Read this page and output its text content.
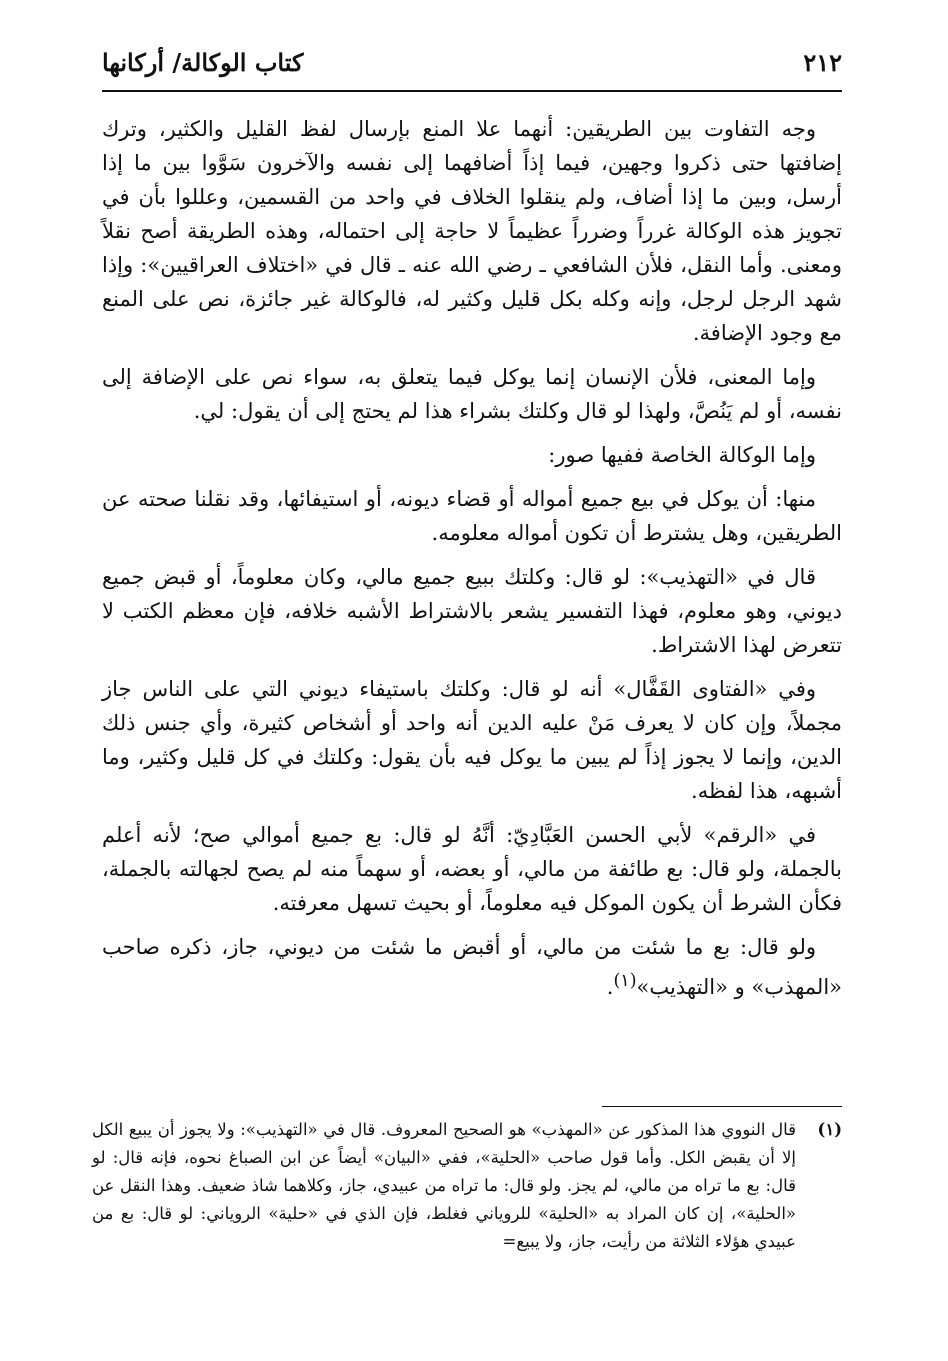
٢١٢
كتاب الوكالة/ أركانها

وجه التفاوت بين الطريقين: أنهما علا المنع بإرسال لفظ القليل والكثير، وترك إضافتها حتى ذكروا وجهين، فيما إذاً أضافهما إلى نفسه والآخرون سَوَّوا بين ما إذا أرسل، وبين ما إذا أضاف، ولم ينقلوا الخلاف في واحد من القسمين، وعللوا بأن في تجويز هذه الوكالة غرراً وضرراً عظيماً لا حاجة إلى احتماله، وهذه الطريقة أصح نقلاً ومعنى. وأما النقل، فلأن الشافعي ـ رضي الله عنه ـ قال في «اختلاف العراقيين»: وإذا شهد الرجل لرجل، وإنه وكله بكل قليل وكثير له، فالوكالة غير جائزة، نص على المنع مع وجود الإضافة.

وإما المعنى، فلأن الإنسان إنما يوكل فيما يتعلق به، سواء نص على الإضافة إلى نفسه، أو لم يَنُصَّ، ولهذا لو قال وكلتك بشراء هذا لم يحتج إلى أن يقول: لي.

وإما الوكالة الخاصة ففيها صور:

منها: أن يوكل في بيع جميع أمواله أو قضاء ديونه، أو استيفائها، وقد نقلنا صحته عن الطريقين، وهل يشترط أن تكون أمواله معلومه.

قال في «التهذيب»: لو قال: وكلتك ببيع جميع مالي، وكان معلوماً، أو قبض جميع ديوني، وهو معلوم، فهذا التفسير يشعر بالاشتراط الأشبه خلافه، فإن معظم الكتب لا تتعرض لهذا الاشتراط.

وفي «الفتاوى القَفَّال» أنه لو قال: وكلتك باستيفاء ديوني التي على الناس جاز مجملاً، وإن كان لا يعرف مَنْ عليه الدين أنه واحد أو أشخاص كثيرة، وأي جنس ذلك الدين، وإنما لا يجوز إذاً لم يبين ما يوكل فيه بأن يقول: وكلتك في كل قليل وكثير، وما أشبهه، هذا لفظه.

في «الرقم» لأبي الحسن العَبَّادِيّ: أنَّهُ لو قال: بع جميع أموالي صح؛ لأنه أعلم بالجملة، ولو قال: بع طائفة من مالي، أو بعضه، أو سهماً منه لم يصح لجهالته بالجملة، فكأن الشرط أن يكون الموكل فيه معلوماً، أو بحيث تسهل معرفته.

ولو قال: بع ما شئت من مالي، أو أقبض ما شئت من ديوني، جاز، ذكره صاحب «المهذب» و «التهذيب»$^{(١)}$.

(١)
قال النووي هذا المذكور عن «المهذب» هو الصحيح المعروف. قال في «التهذيب»: ولا يجوز أن يبيع الكل إلا أن يقبض الكل. وأما قول صاحب «الحلية»، ففي «البيان» أيضاً عن ابن الصباغ نحوه، فإنه قال: لو قال: بع ما تراه من مالي، لم يجز. ولو قال: ما تراه من عبيدي، جاز، وكلاهما شاذ ضعيف. وهذا النقل عن «الحلية»، إن كان المراد به «الحلية» للروياني فغلط، فإن الذي في «حلية» الروياني: لو قال: بع من عبيدي هؤلاء الثلاثة من رأيت، جاز، ولا يبيع=
